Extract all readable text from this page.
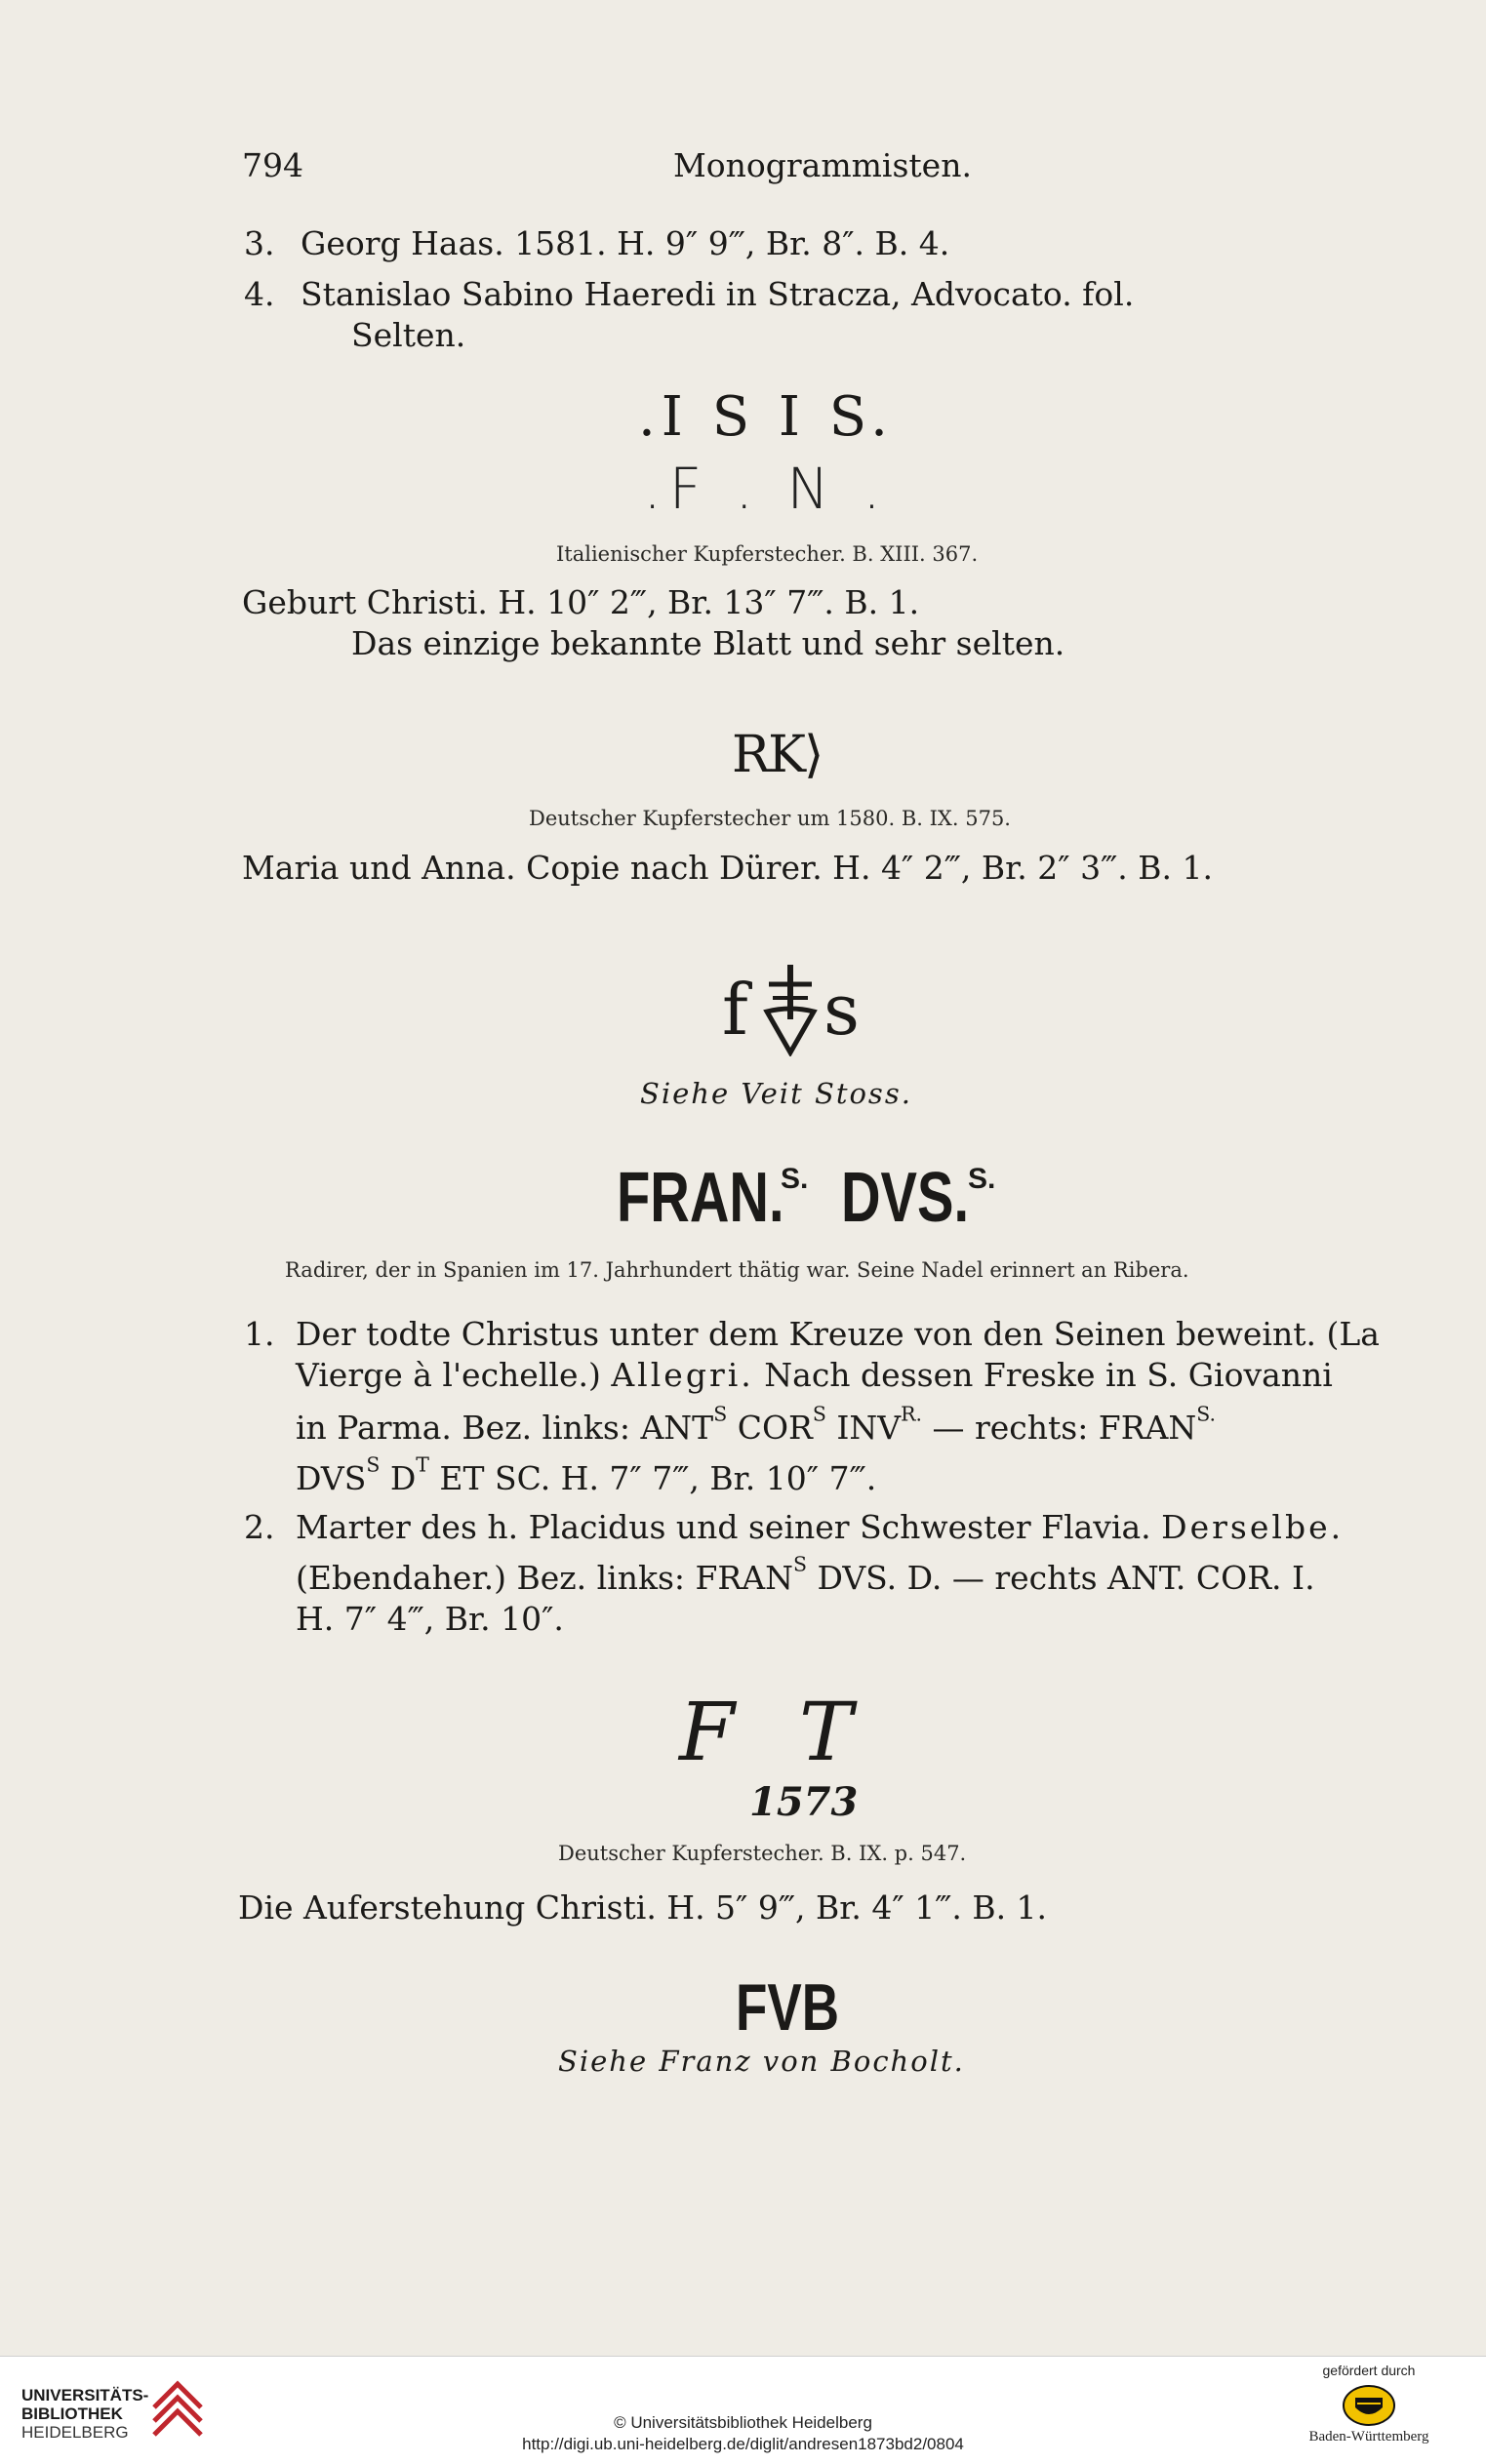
794	Monogrammisten.
3. Georg Haas. 1581. H. 9″ 9‴, Br. 8″. B. 4.
4. Stanislao Sabino Haeredi in Stracza, Advocato. fol.
Selten.
.I S I S.
.F . N .
Italienischer Kupferstecher. B. XIII. 367.
Geburt Christi. H. 10″ 2‴, Br. 13″ 7‴. B. 1.
Das einzige bekannte Blatt und sehr selten.
RK⟩
Deutscher Kupferstecher um 1580. B. IX. 575.
Maria und Anna. Copie nach Dürer. H. 4″ 2‴, Br. 2″ 3‴. B. 1.
f s
Siehe Veit Stoss.
FRAN.
S. DVS.
S.
Radirer, der in Spanien im 17. Jahrhundert thätig war. Seine Nadel erinnert an Ribera.
1. Der todte Christus unter dem Kreuze von den Seinen beweint. (La
Vierge à l'echelle.) Allegri. Nach dessen Freske in S. Giovanni
in Parma. Bez. links: $ANT^S$ $COR^S$ $INV^{R.}$ — rechts: $FRAN^{S.}$
$DVS^S$ $D^T$ ET SC. H. 7″ 7‴, Br. 10″ 7‴.
2. Marter des h. Placidus und seiner Schwester Flavia. Derselbe.
(Ebendaher.) Bez. links: $FRAN^S$ DVS. D. — rechts ANT. COR. I.
H. 7″ 4‴, Br. 10″.
F T
1573
Deutscher Kupferstecher. B. IX. p. 547.
Die Auferstehung Christi. H. 5″ 9‴, Br. 4″ 1‴. B. 1.
FVB
Siehe Franz von Bocholt.
UNIVERSITÄTS-
BIBLIOTHEK
HEIDELBERG
© Universitätsbibliothek Heidelberg
http://digi.ub.uni-heidelberg.de/diglit/andresen1873bd2/0804
gefördert durch
Baden-Württemberg
